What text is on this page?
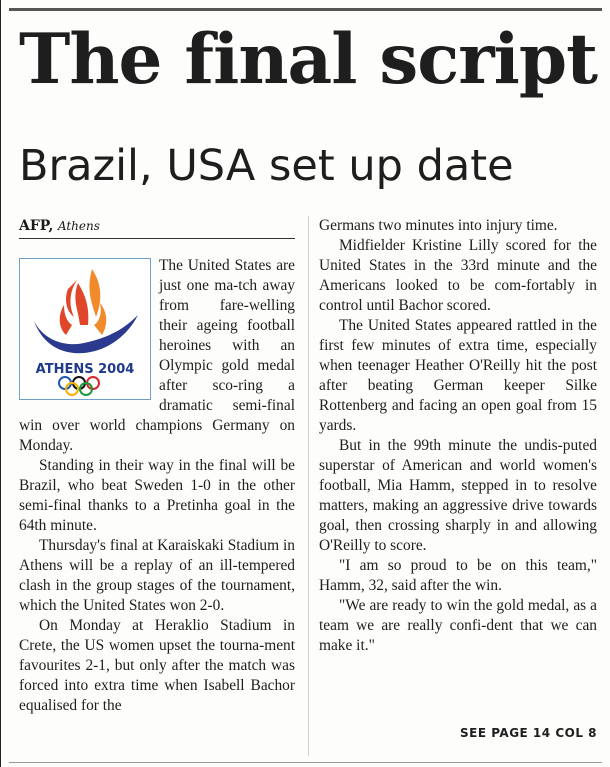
The final script
Brazil, USA set up date
AFP, Athens
ATHENS 2004

The United States are just one ma-tch away from fare-welling their ageing football heroines with an Olympic gold medal after sco-ring a dramatic semi-final win over world champions Germany on Monday.

Standing in their way in the final will be Brazil, who beat Sweden 1-0 in the other semi-final thanks to a Pretinha goal in the 64th minute.

Thursday's final at Karaiskaki Stadium in Athens will be a replay of an ill-tempered clash in the group stages of the tournament, which the United States won 2-0.

On Monday at Heraklio Stadium in Crete, the US women upset the tourna-ment favourites 2-1, but only after the match was forced into extra time when Isabell Bachor equalised for the

Germans two minutes into injury time.

Midfielder Kristine Lilly scored for the United States in the 33rd minute and the Americans looked to be com-fortably in control until Bachor scored.

The United States appeared rattled in the first few minutes of extra time, especially when teenager Heather O'Reilly hit the post after beating German keeper Silke Rottenberg and facing an open goal from 15 yards.

But in the 99th minute the undis-puted superstar of American and world women's football, Mia Hamm, stepped in to resolve matters, making an aggressive drive towards goal, then crossing sharply in and allowing O'Reilly to score.

"I am so proud to be on this team," Hamm, 32, said after the win.

"We are ready to win the gold medal, as a team we are really confi-dent that we can make it."

SEE PAGE 14 COL 8
